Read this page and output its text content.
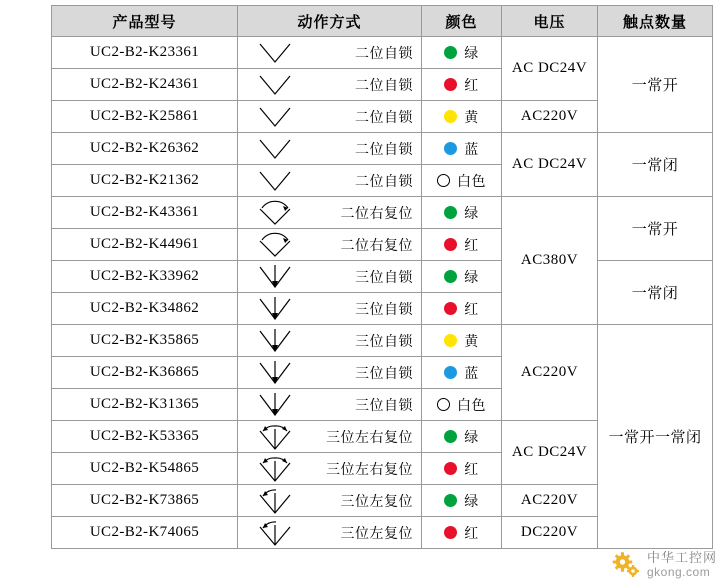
产品型号	动作方式	颜色	电压	触点数量
UC2-B2-K23361	二位自锁	绿	AC DC24V	一常开
UC2-B2-K24361	二位自锁	红		

UC2-B2-K25861	二位自锁	黄	AC220V	
UC2-B2-K26362	二位自锁	蓝	AC DC24V	一常闭
UC2-B2-K21362	二位自锁	白色		

UC2-B2-K43361	二位右复位	绿	AC380V	一常开
UC2-B2-K44961	二位右复位	红		

UC2-B2-K33962	三位自锁	绿		一常闭
UC2-B2-K34862	三位自锁	红		

UC2-B2-K35865	三位自锁	黄	AC220V	一常开一常闭
UC2-B2-K36865	三位自锁	蓝		

UC2-B2-K31365	三位自锁	白色		

UC2-B2-K53365	三位左右复位	绿	AC DC24V	
UC2-B2-K54865	三位左右复位	红		

UC2-B2-K73865	三位左复位	绿	AC220V	
UC2-B2-K74065	三位左复位	红	DC220V	
中华工控网
gkong.com
